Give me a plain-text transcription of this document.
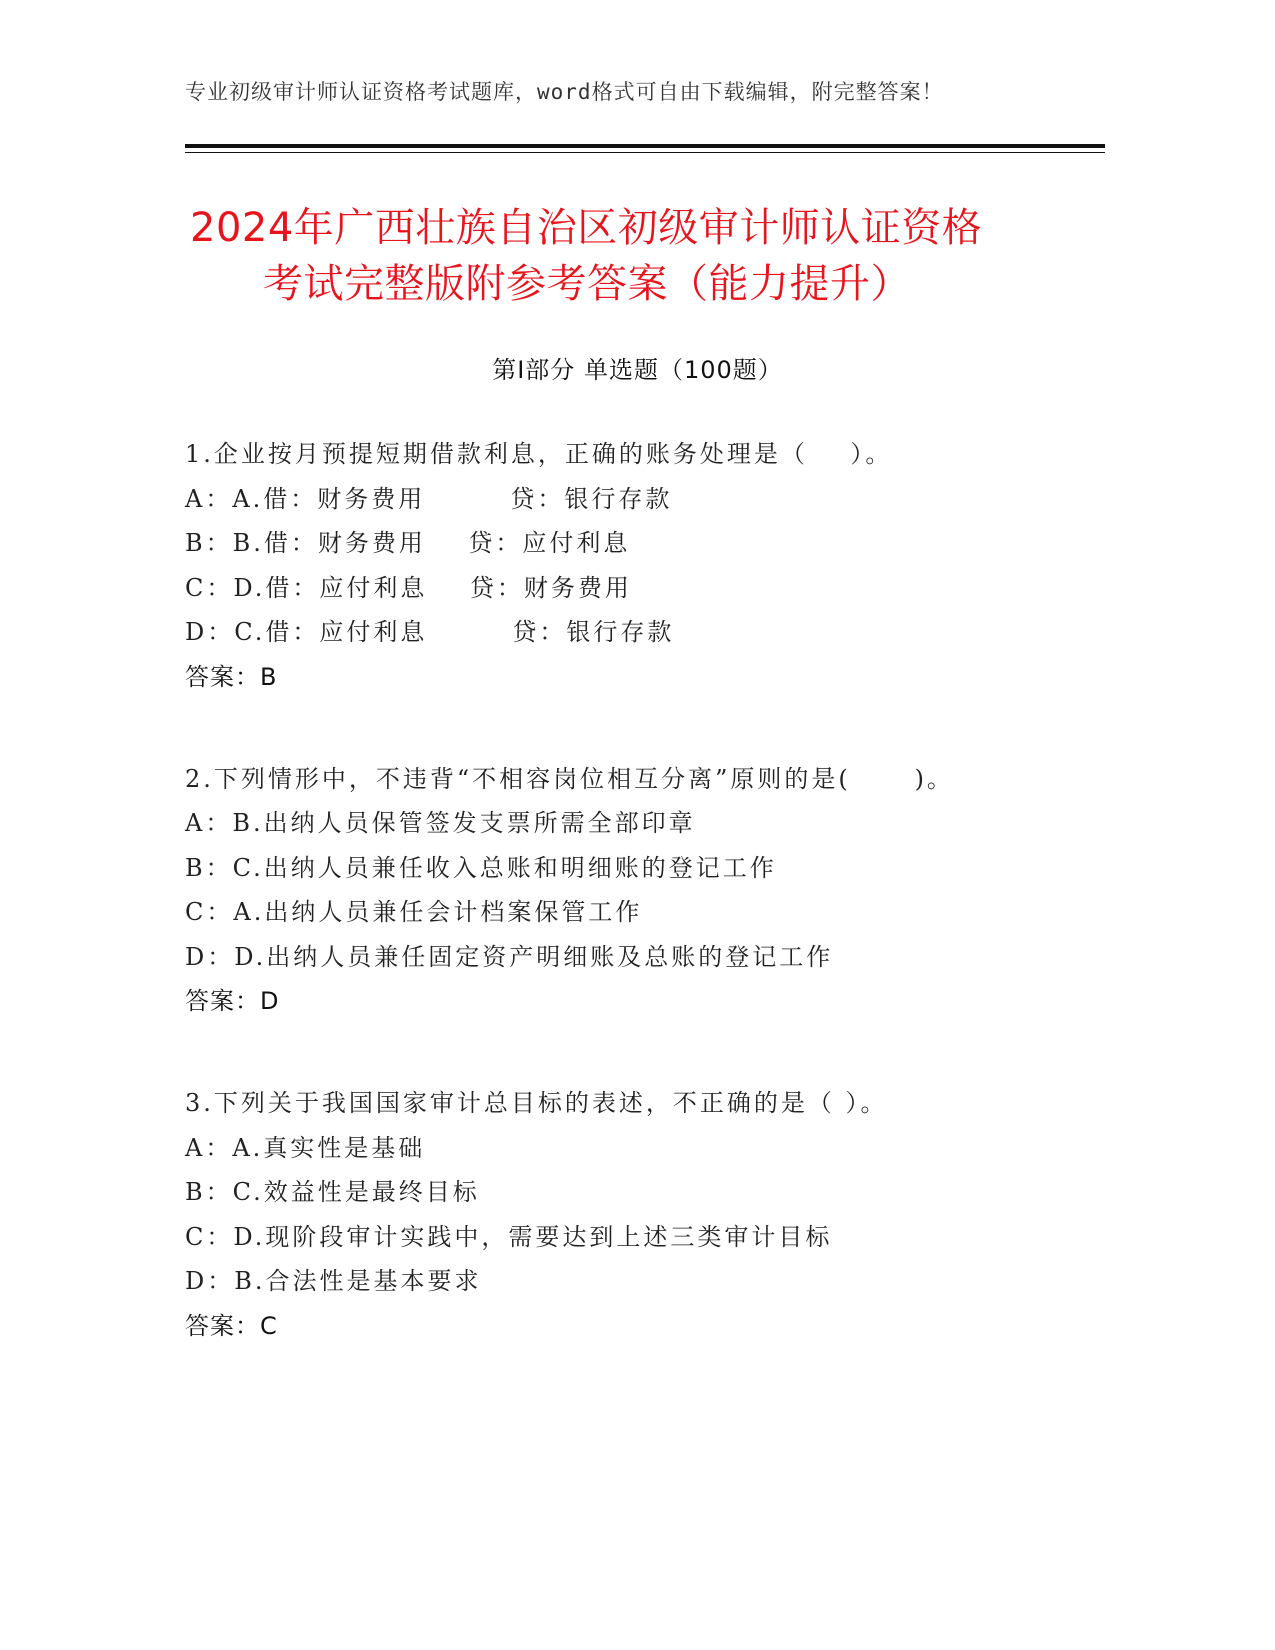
专业初级审计师认证资格考试题库，word格式可自由下载编辑，附完整答案！
2024年广西壮族自治区初级审计师认证资格
考试完整版附参考答案（能力提升）
第Ⅰ部分 单选题（100题）
1.企业按月预提短期借款利息，正确的账务处理是（    ）。
A：A.借：财务费用        贷：银行存款
B：B.借：财务费用    贷：应付利息
C：D.借：应付利息    贷：财务费用
D：C.借：应付利息        贷：银行存款
答案：B
2.下列情形中，不违背“不相容岗位相互分离”原则的是(      )。
A：B.出纳人员保管签发支票所需全部印章
B：C.出纳人员兼任收入总账和明细账的登记工作
C：A.出纳人员兼任会计档案保管工作
D：D.出纳人员兼任固定资产明细账及总账的登记工作
答案：D
3.下列关于我国国家审计总目标的表述，不正确的是（ ）。
A：A.真实性是基础
B：C.效益性是最终目标
C：D.现阶段审计实践中，需要达到上述三类审计目标
D：B.合法性是基本要求
答案：C
